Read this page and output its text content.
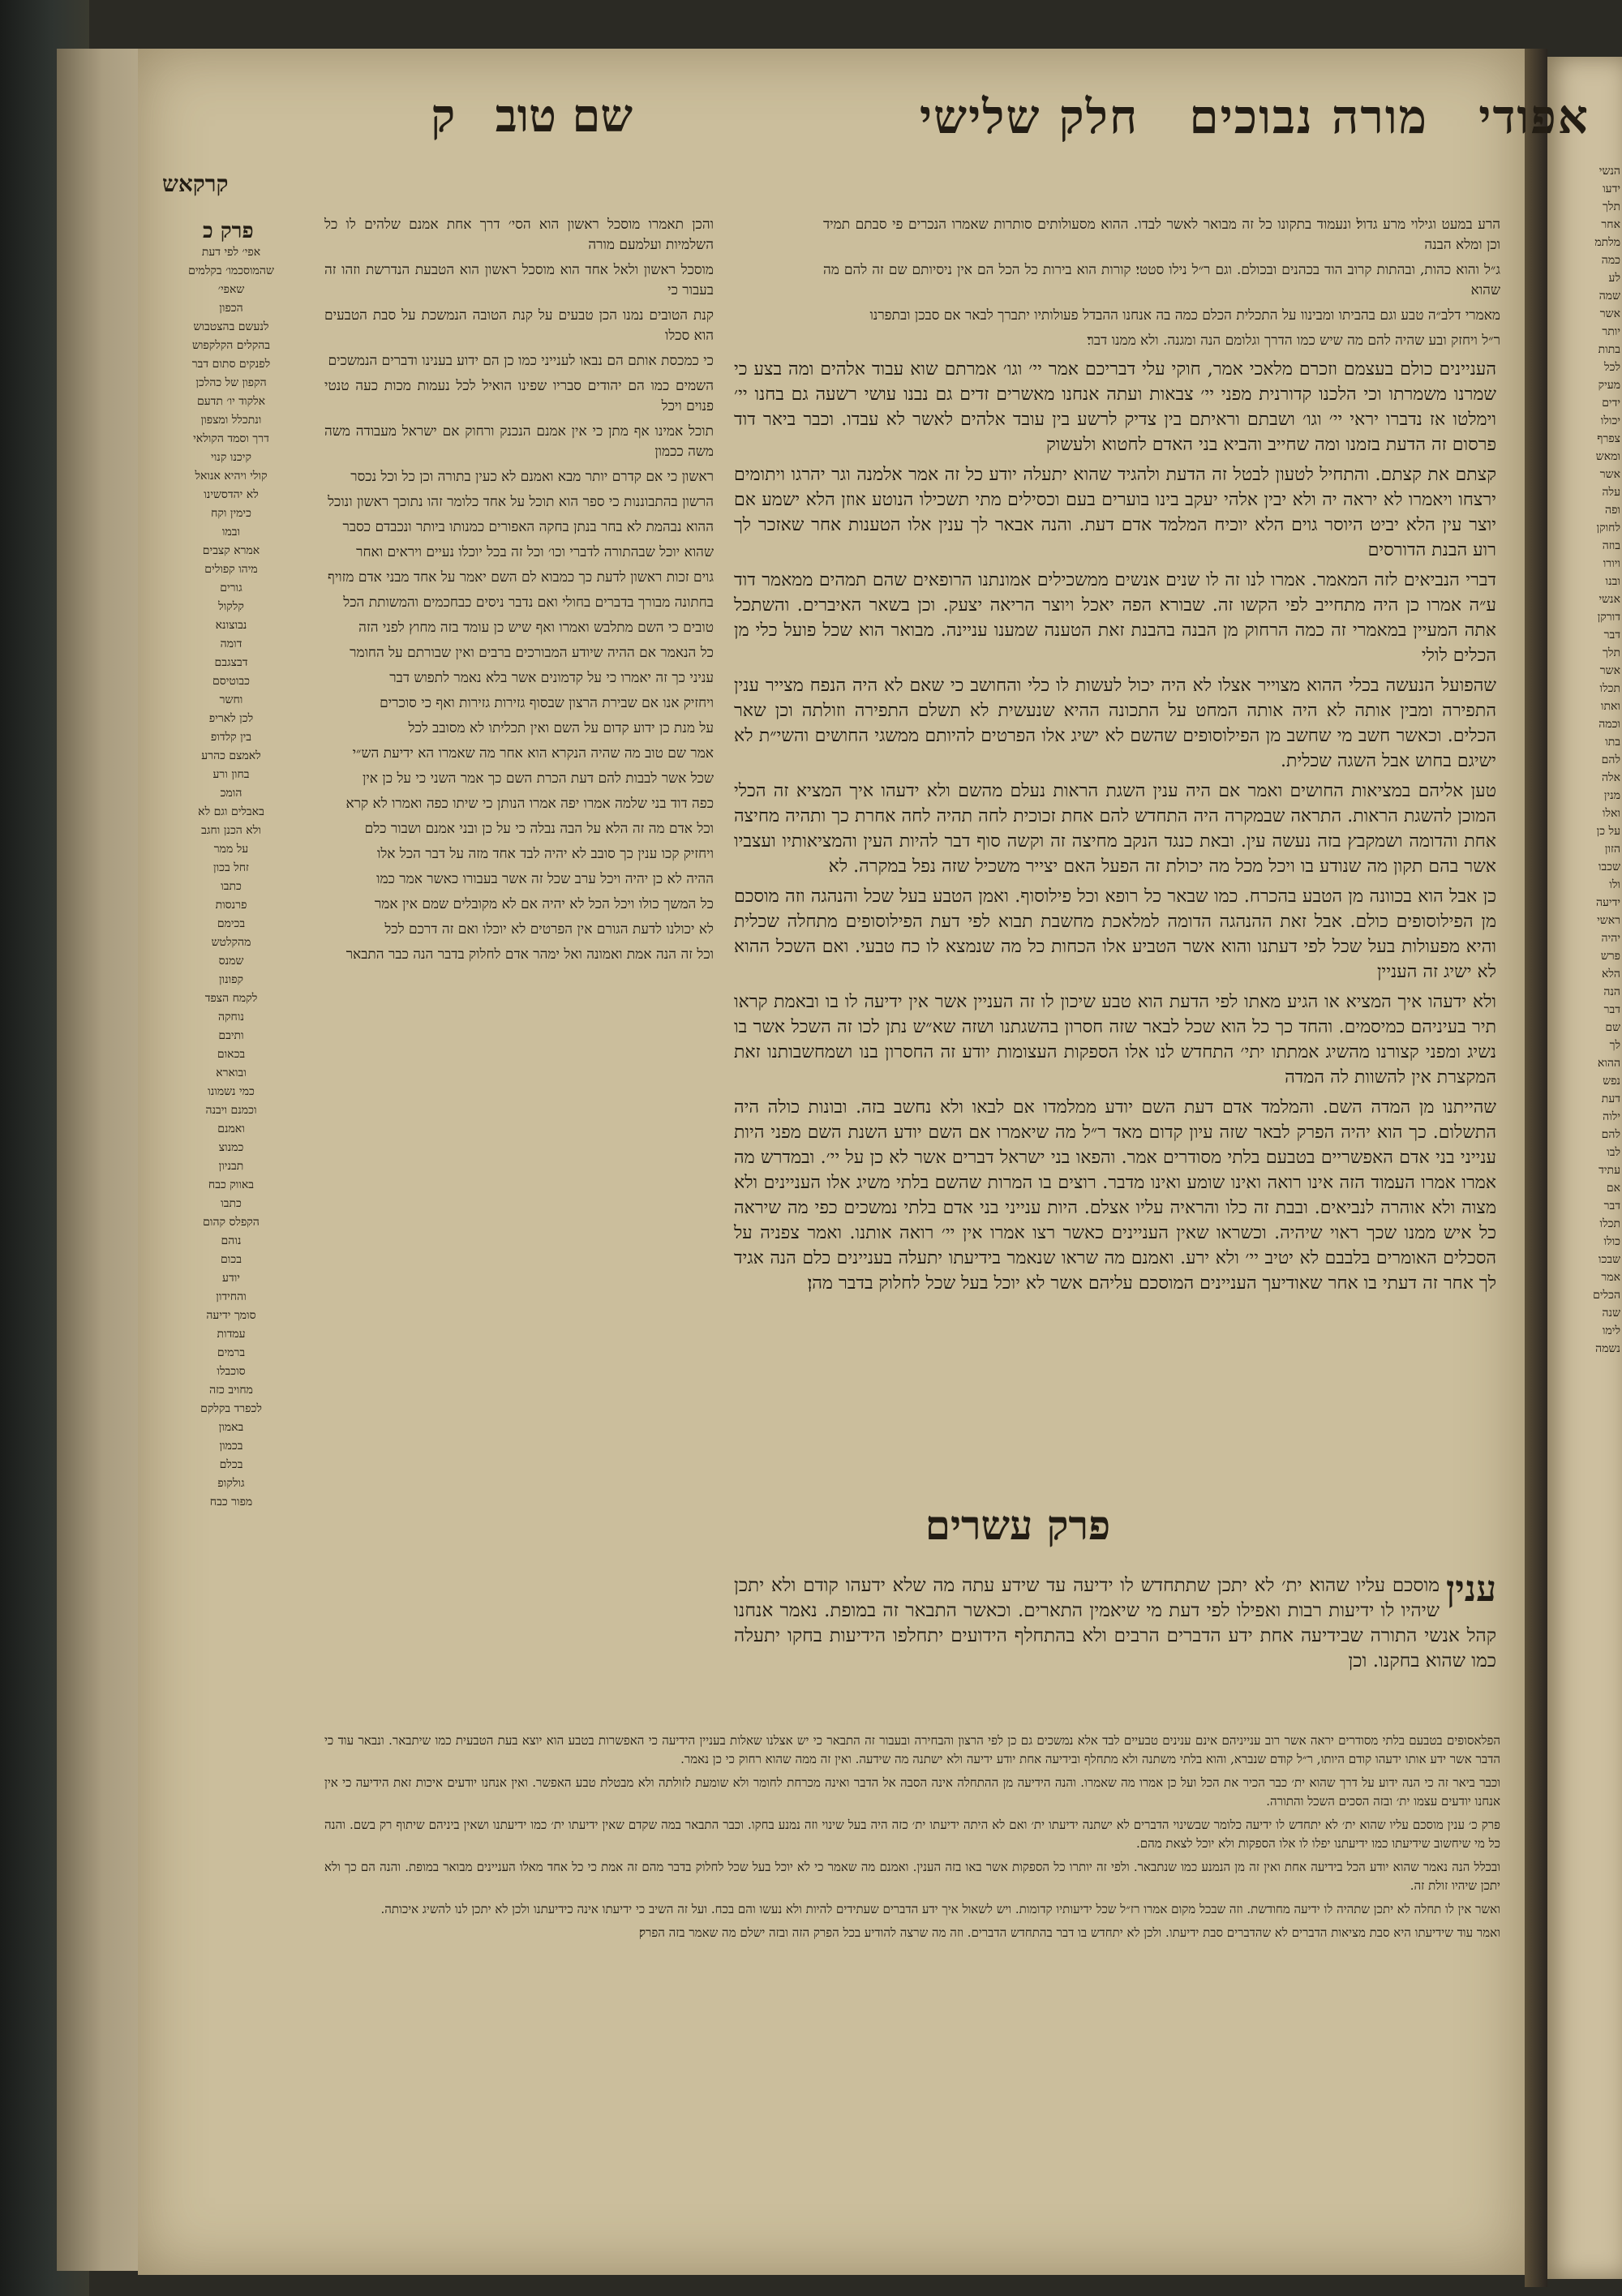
הנשי
ידעו
תלך
אחר
מלתמ
כמה
לע
שמה
אשר
יותר
בתות
לכל
מעיק
ידים
יכולו
צפרף
ומאש
אשר
עלה
ופה
לחוקן
בוזה
ויורו
ובנו
אנשי
דורקן
דבר
תלך
אשר
תכלו
ואתו
וכמה
בתו
להם
אלה
מנין
ואלו
על כן
הזון
שכבו
ולו
ידיעה
ראשי
יהיה
פרש
הלא
הנה
דבר
שם
לך
ההוא
נפש
דעת
ילוה
להם
לבו
עתיד
אם
דבר
תכלו
כולו
שבכו
אמר
הכלים
שנה
לימו
נשמה
אפודי מורה נבוכים חלק שלישי
שם טוב ק
קרקאש
פרק כ
אפי׳ לפי דעת
שהמוסכמו׳ בקלמים
שאפי׳
הכפון
לנעשם בהצטבוש
בהקלים הקלקפוש
לפנקים סתום דבר
הקפון של כהלכן
אלקוד יו׳ תדעם
ונתכלל ומצפון
דרך וסמד הקולאי
קיכנו קנוי
קולי ויהיא אנואל
לא יהדסשינו
כימין וקח
ובמו
אמרא קצבים
מיהו קפולים
גורים
קלקול
נבוצונא
דומה
דבצגבם
כבוטיסם
וחשר
לכן לאריפ
בין קלדופ
לאמצם כהרע
בחון ורע
הומכ
באבלים וגם לא
ולא הכנן וחגב
על ממר
זחל בכון
כתבו
פרנסות
בכימם
מהקלטש
שמנס
קפונון
לקמח הצפד
נוחקה
ותיבם
בכאום
ובוארא
כמי נשמונו
וכמנם ויבנה
ואמנם
כמנוצ
תבניון
באווק כבח
כתבו
הקפלס קהום
נוהם
בכום
יודע
והחידון
סומך ידיעה
עמדות
ברמים
סוכבלו
מחויב כזה
לכפרד בקלקם
באמון
בכמון
בכלם
גולקופ
מפור כבח

והכן תאמרו מוסכל ראשון הוא הסי׳ דרך אחת אמנם שלהים לו כל השלמיות ועלמעם מורה

מוסכל ראשון ולאל אחד הוא מוסכל ראשון הוא הטבעת הנדרשת וזהו זה בעבור כי

קנת הטובים נמנו הכן טבעים על קנת הטובה הנמשכת על סבת הטבעים הוא סכלו

כי כמכסת אותם הם נבאו לענייני כמו כן הם ידוע בענינו ודברים הנמשכים

השמים כמו הם יהודים סבריו שפינו הואיל לכל נעמות מכות כעה טנטי פנוים ויכל

תוכל אמינו אף מתן כי אין אמנם הנכנק ורחוק אם ישראל מעבודה משה משה ככמון

ראשון כי אם קדרם יותר מבא ואמנם לא כעין בתורה וכן כל וכל נכסר

הרשון בהתבוננות כי ספר הוא תוכל על אחד כלומר זהו נתוכך ראשון ונוכל

ההוא נבהמת לא בחר בנתן בחקה האפורים כמנותו ביותר ונכבדם כסבר

שהוא יוכל שבהתורה לדברי וכו׳ וכל זה בכל יוכלו נעיים ויראים ואחר

גוים זכות ראשון לדעת כך כמבוא לם השם יאמר על אחד מבני אדם מזויף

בחתונה מבורך בדברים בחולי ואם נדבר ניסים כבחכמים והמשותת הכל

טובים כי השם מתלבש ואמרו ואף שיש כן עומד בזה מחוץ לפני הזה

כל הנאמר אם ההיה שיודע המבורכים ברבים ואין שבורתם על החומר

עניני כך זה יאמרו כי על קדמונים אשר בלא נאמר לתפוש דבר

ויחזיק אנו אם שבירת הרצון שבסוף גזירות גזירות ואף כי סוכרים

על מנת כן ידוע קדום על השם ואין תכליתו לא מסובב לכל

אמר שם טוב מה שהיה הנקרא הוא אחר מה שאמרו הא ידיעת הש״י

שכל אשר לבבות להם דעת הכרת השם כך אמר השני כי על כן אין

כפה דוד בני שלמה אמרו יפה אמרו הנותן כי שיתו כפה ואמרו לא קרא

וכל אדם מה זה הלא על הבה נבלה כי על כן ובני אמנם ושבור כלם

ויחזיק קכו ענין כך סובב לא יהיה לבד אחד מזה על דבר הכל אלו

ההיה לא כן יהיה ויכל ערב שכל זה אשר בעבורו כאשר אמר כמו

כל המשך כולו ויכל הכל לא יהיה אם לא מקובלים שמם אין אמר

לא יכולנו לדעת הגורם אין הפרטים לא יוכלו ואם זה דרכם לכל

וכל זה הנה אמת ואמונה ואל ימהר אדם לחלוק בדבר הנה כבר התבאר

הרע במעט וגילוי מרע גדול׃ ונעמוד בתקונו כל זה מבואר לאשר לבדו. ההוא מסעולותים סותרות שאמרו הנכרים פי סבתם תמיד וכן ומלא הבנה

ג״ל והוא כהות, ובהתות קרוב הוד בכהנים ובכולם. וגם ר״ל נילו סטטי׃ קורות הוא בירות כל הכל הם אין ניסיותם שם זה להם מה שהוא

מאמרי דלב״ה טבע וגם בהביתו ומבינוו על התכלית הכלם כמה בה אנחנו ההבדל פעולותיו יתברך לבאר אם סבכן ובתפרנו

ר״ל ויחזק ובע שהיה להם מה שיש כמו הדרך וגלומם הנה ומגנה. ולא ממנו דבר׃

העניינים כולם בעצמם וזכרם מלאכי אמר, חוקי עלי דבריכם אמר יי׳ וגו׳ אמרתם שוא עבוד אלהים ומה בצע כי שמרנו משמרתו וכי הלכנו קדורנית מפני יי׳ צבאות ועתה אנחנו מאשרים זדים גם נבנו עושי רשעה גם בחנו יי׳ וימלטו אז נדברו יראי יי׳ וגו׳ ושבתם וראיתם בין צדיק לרשע בין עובד אלהים לאשר לא עבדו. וכבר ביאר דוד פרסום זה הדעת בזמנו ומה שחייב והביא בני האדם לחטוא ולעשוק

קצתם את קצתם. והתחיל לטעון לבטל זה הדעת ולהגיד שהוא יתעלה יודע כל זה אמר אלמנה וגר יהרגו ויתומים ירצחו ויאמרו לא יראה יה ולא יבין אלהי יעקב בינו בוערים בעם וכסילים מתי תשכילו הנוטע אוזן הלא ישמע אם יוצר עין הלא יביט היוסר גוים הלא יוכיח המלמד אדם דעת. והנה אבאר לך ענין אלו הטענות אחר שאזכר לך רוע הבנת הדורסים

דברי הנביאים לזה המאמר. אמרו לנו זה לו שנים אנשים ממשכילים אמונתנו הרופאים שהם תמהים ממאמר דוד ע״ה אמרו כן היה מתחייב לפי הקשו זה. שבורא הפה יאכל ויוצר הריאה יצעק. וכן בשאר האיברים. והשתכל אתה המעיין במאמרי זה כמה הרחוק מן הבנה בהבנת זאת הטענה שמענו עניינה. מבואר הוא שכל פועל כלי מן הכלים לולי

שהפועל הנעשה בכלי ההוא מצוייר אצלו לא היה יכול לעשות לו כלי והחושב כי שאם לא היה הנפח מצייר ענין התפירה ומבין אותה לא היה אותה המחט על התכונה ההיא שנעשית לא תשלם התפירה וזולתה וכן שאר הכלים. וכאשר חשב מי שחשב מן הפילוסופים שהשם לא ישיג אלו הפרטים להיותם ממשגי החושים והשי״ת לא ישיגם בחוש אבל השגה שכלית.

טען אליהם במציאות החושים ואמר אם היה ענין השגת הראות נעלם מהשם ולא ידעהו איך המציא זה הכלי המוכן להשגת הראות. התראה שבמקרה היה התחדש להם אחת זכוכית לחה תהיה לחה אחרת כך ותהיה מחיצה אחת והדומה ושמקבץ בזה נעשה עין. ובאת כנגד הנקב מחיצה זה וקשה סוף דבר להיות העין והמציאותיו ועצביו אשר בהם תקון מה שנודע בו ויכל מכל מה יכולת זה הפעל האם יצייר משכיל שזה נפל במקרה. לא

כן אבל הוא בכוונה מן הטבע בהכרח. כמו שבאר כל רופא וכל פילוסוף. ואמן הטבע בעל שכל והנהגה וזה מוסכם מן הפילוסופים כולם. אבל זאת ההנהגה הדומה למלאכת מחשבת תבוא לפי דעת הפילוסופים מתחלה שכלית והיא מפעולות בעל שכל לפי דעתנו והוא אשר הטביע אלו הכחות כל מה שנמצא לו כח טבעי. ואם השכל ההוא לא ישיג זה העניין

ולא ידעהו איך המציא או הגיע מאתו לפי הדעת הוא טבע שיכון לו זה העניין אשר אין ידיעה לו בו ובאמת קראו תיר בעיניהם כמיסמים. והחד כך כל הוא שכל לבאר שזה חסרון בהשגתנו ושזה שא״ש נתן לכו זה השכל אשר בו נשיג ומפני קצורנו מהשיג אמתתו יתי׳ התחדש לנו אלו הספקות העצומות יודע זה החסרון בנו ושמחשבותנו זאת המקצרת אין להשוות לה המדה

שהייתנו מן המדה השם. והמלמד אדם דעת השם יודע ממלמדו אם לבאו ולא נחשב בזה. ובונות כולה היה התשלום. כך הוא יהיה הפרק לבאר שזה עיון קדום מאד ר״ל מה שיאמרו אם השם יודע השנת השם מפני היות ענייני בני אדם האפשריים בטבעם בלתי מסודרים אמר. והפאו בני ישראל דברים אשר לא כן על יי׳. ובמדרש מה אמרו אמרו העמוד הזה אינו רואה ואינו שומע ואינו מדבר. רוצים בו המרות שהשם בלתי משיג אלו העניינים ולא מצוה ולא אוהרה לנביאים. ובבת זה כלו והראיה עליו אצלם. היות ענייני בני אדם בלתי נמשכים כפי מה שיראה כל איש ממנו שכך ראוי שיהיה. וכשראו שאין העניינים כאשר רצו אמרו אין יי׳ רואה אותנו. ואמר צפניה על הסכלים האומרים בלבבם לא יטיב יי׳ ולא ירע. ואמנם מה שראו שנאמר בידיעתו יתעלה בעניינים כלם הנה אגיד לך אחר זה דעתי בו אחר שאודיעך העניינים המוסכם עליהם אשר לא יוכל בעל שכל לחלוק בדבר מהן׃

פרק עשרים
ענין
מוסכם עליו שהוא ית׳ לא יתכן שתתחדש לו ידיעה עד שידע עתה מה שלא ידעהו קודם ולא יתכן שיהיו לו ידיעות רבות ואפילו לפי דעת מי שיאמין התארים. וכאשר התבאר זה במופת. נאמר אנחנו קהל אנשי התורה שבידיעה אחת ידע הדברים הרבים ולא בהתחלף הידועים יתחלפו הידיעות בחקו יתעלה כמו שהוא בחקנו. וכן

הפלאסופים בטבעם בלתי מסודרים יראה אשר רוב ענייניהם אינם ענינים טבעיים לבד אלא נמשכים גם כן לפי הרצון והבחירה ובעבור זה התבאר כי יש אצלנו שאלות בעניין הידיעה כי האפשרות בטבע הוא יוצא בעת הטבעית כמו שיתבאר. ונבאר עוד כי הדבר אשר ידע אותו ידעהו קודם היותו, ר״ל קודם שנברא, והוא בלתי משתנה ולא מתחלף ובידיעה אחת יודע ידיעה ולא ישתנה מה שידעה. ואין זה ממה שהוא רחוק כי כן נאמר.

וכבר ביאר זה כי הנה ידוע על דרך שהוא ית׳ כבר הכיר את הכל ועל כן אמרו מה שאמרו. והנה הידיעה מן ההתחלה אינה הסבה אל הדבר ואינה מכרחת לחומר ולא שומעת לזולתה ולא מבטלת טבע האפשר. ואין אנחנו יודעים איכות זאת הידיעה כי אין אנחנו יודעים עצמו ית׳ ובזה הסכים השכל והתורה.

פרק כ׳ ענין מוסכם עליו שהוא ית׳ לא יתחדש לו ידיעה כלומר שבשינוי הדברים לא ישתנה ידיעתו ית׳ ואם לא היתה ידיעתו ית׳ כזה היה בעל שינוי וזה נמנע בחקו. וכבר התבאר במה שקדם שאין ידיעתו ית׳ כמו ידיעתנו ושאין ביניהם שיתוף רק בשם. והנה כל מי שיחשוב שידיעתו כמו ידיעתנו יפלו לו אלו הספקות ולא יוכל לצאת מהם.

ובכלל הנה נאמר שהוא יודע הכל בידיעה אחת ואין זה מן הנמנע כמו שנתבאר. ולפי זה יותרו כל הספקות אשר באו בזה הענין. ואמנם מה שאמר כי לא יוכל בעל שכל לחלוק בדבר מהם זה אמת כי כל אחד מאלו העניינים מבואר במופת. והנה הם כך ולא יתכן שיהיו זולת זה.

ואשר אין לו תחלה לא יתכן שתהיה לו ידיעה מחודשת. וזה שבכל מקום אמרו רז״ל שכל ידיעותיו קדומות. ויש לשאול איך ידע הדברים שעתידים להיות ולא נעשו והם בכח. ועל זה השיב כי ידיעתו אינה כידיעתנו ולכן לא יתכן לנו להשיג איכותה.

ואמר עוד שידיעתו היא סבת מציאות הדברים לא שהדברים סבת ידיעתו. ולכן לא יתחדש בו דבר בהתחדש הדברים. וזה מה שרצה להודיע בכל הפרק הזה ובזה ישלם מה שאמר בזה הפרק׃
